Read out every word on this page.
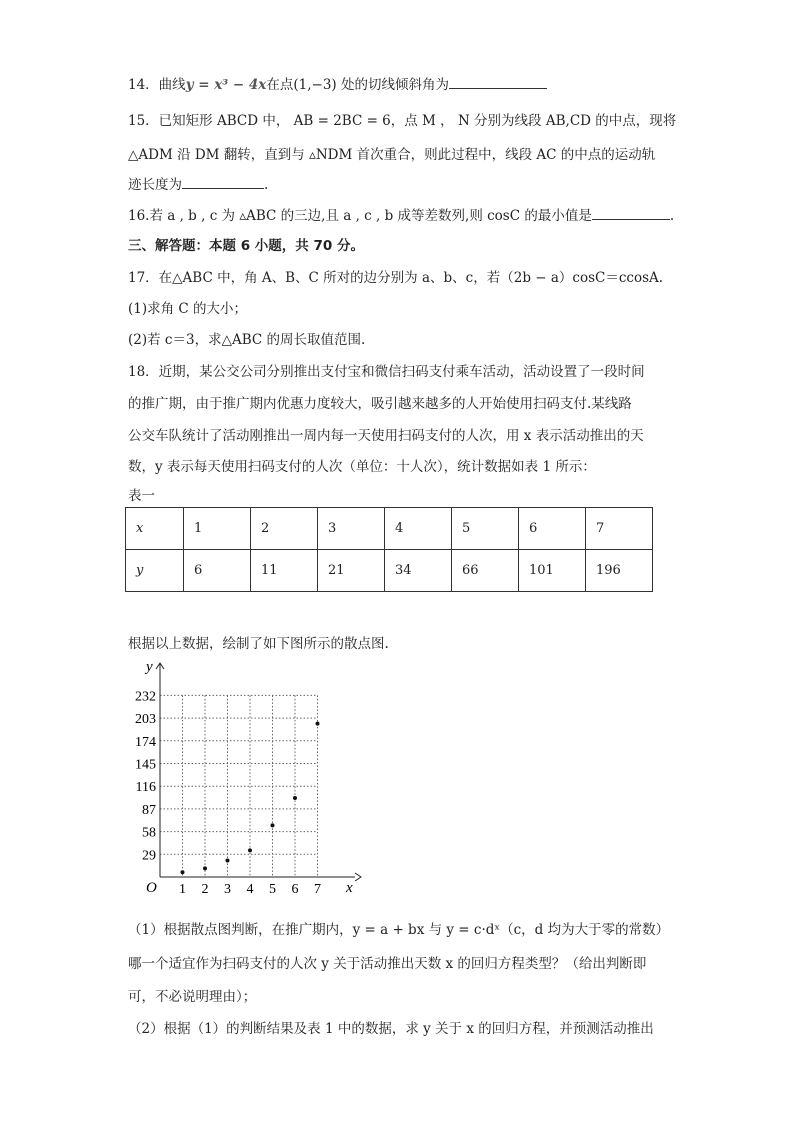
14．曲线y = x³ − 4x在点(1,−3) 处的切线倾斜角为
15．已知矩形 ABCD 中， AB = 2BC = 6，点 M ， N 分别为线段 AB,CD 的中点，现将
△ADM 沿 DM 翻转，直到与 ▵NDM 首次重合，则此过程中，线段 AC 的中点的运动轨
迹长度为	.
16.若 a , b , c 为 ▵ABC 的三边,且 a , c , b 成等差数列,则 cosC 的最小值是	.
三、解答题：本题 6 小题，共 70 分。
17．在△ABC 中，角 A、B、C 所对的边分别为 a、b、c，若（2b − a）cosC＝ccosA.
(1)求角 C 的大小；
(2)若 c＝3，求△ABC 的周长取值范围.
18．近期，某公交公司分别推出支付宝和微信扫码支付乘车活动，活动设置了一段时间
的推广期，由于推广期内优惠力度较大，吸引越来越多的人开始使用扫码支付.某线路
公交车队统计了活动刚推出一周内每一天使用扫码支付的人次，用 x 表示活动推出的天
数，y 表示每天使用扫码支付的人次（单位：十人次），统计数据如表 1 所示：
表一
x	1	2	3	4	5	6	7
y	6	11	21	34	66	101	196
根据以上数据，绘制了如下图所示的散点图.
1 2 3 4 5 6 7
29
58
87
116
145
174
203
232
x
y
O
（1）根据散点图判断，在推广期内，y = a + bx 与 y = c·dˣ（c，d 均为大于零的常数）
哪一个适宜作为扫码支付的人次 y 关于活动推出天数 x 的回归方程类型？（给出判断即
可，不必说明理由）；
（2）根据（1）的判断结果及表 1 中的数据，求 y 关于 x 的回归方程，并预测活动推出
